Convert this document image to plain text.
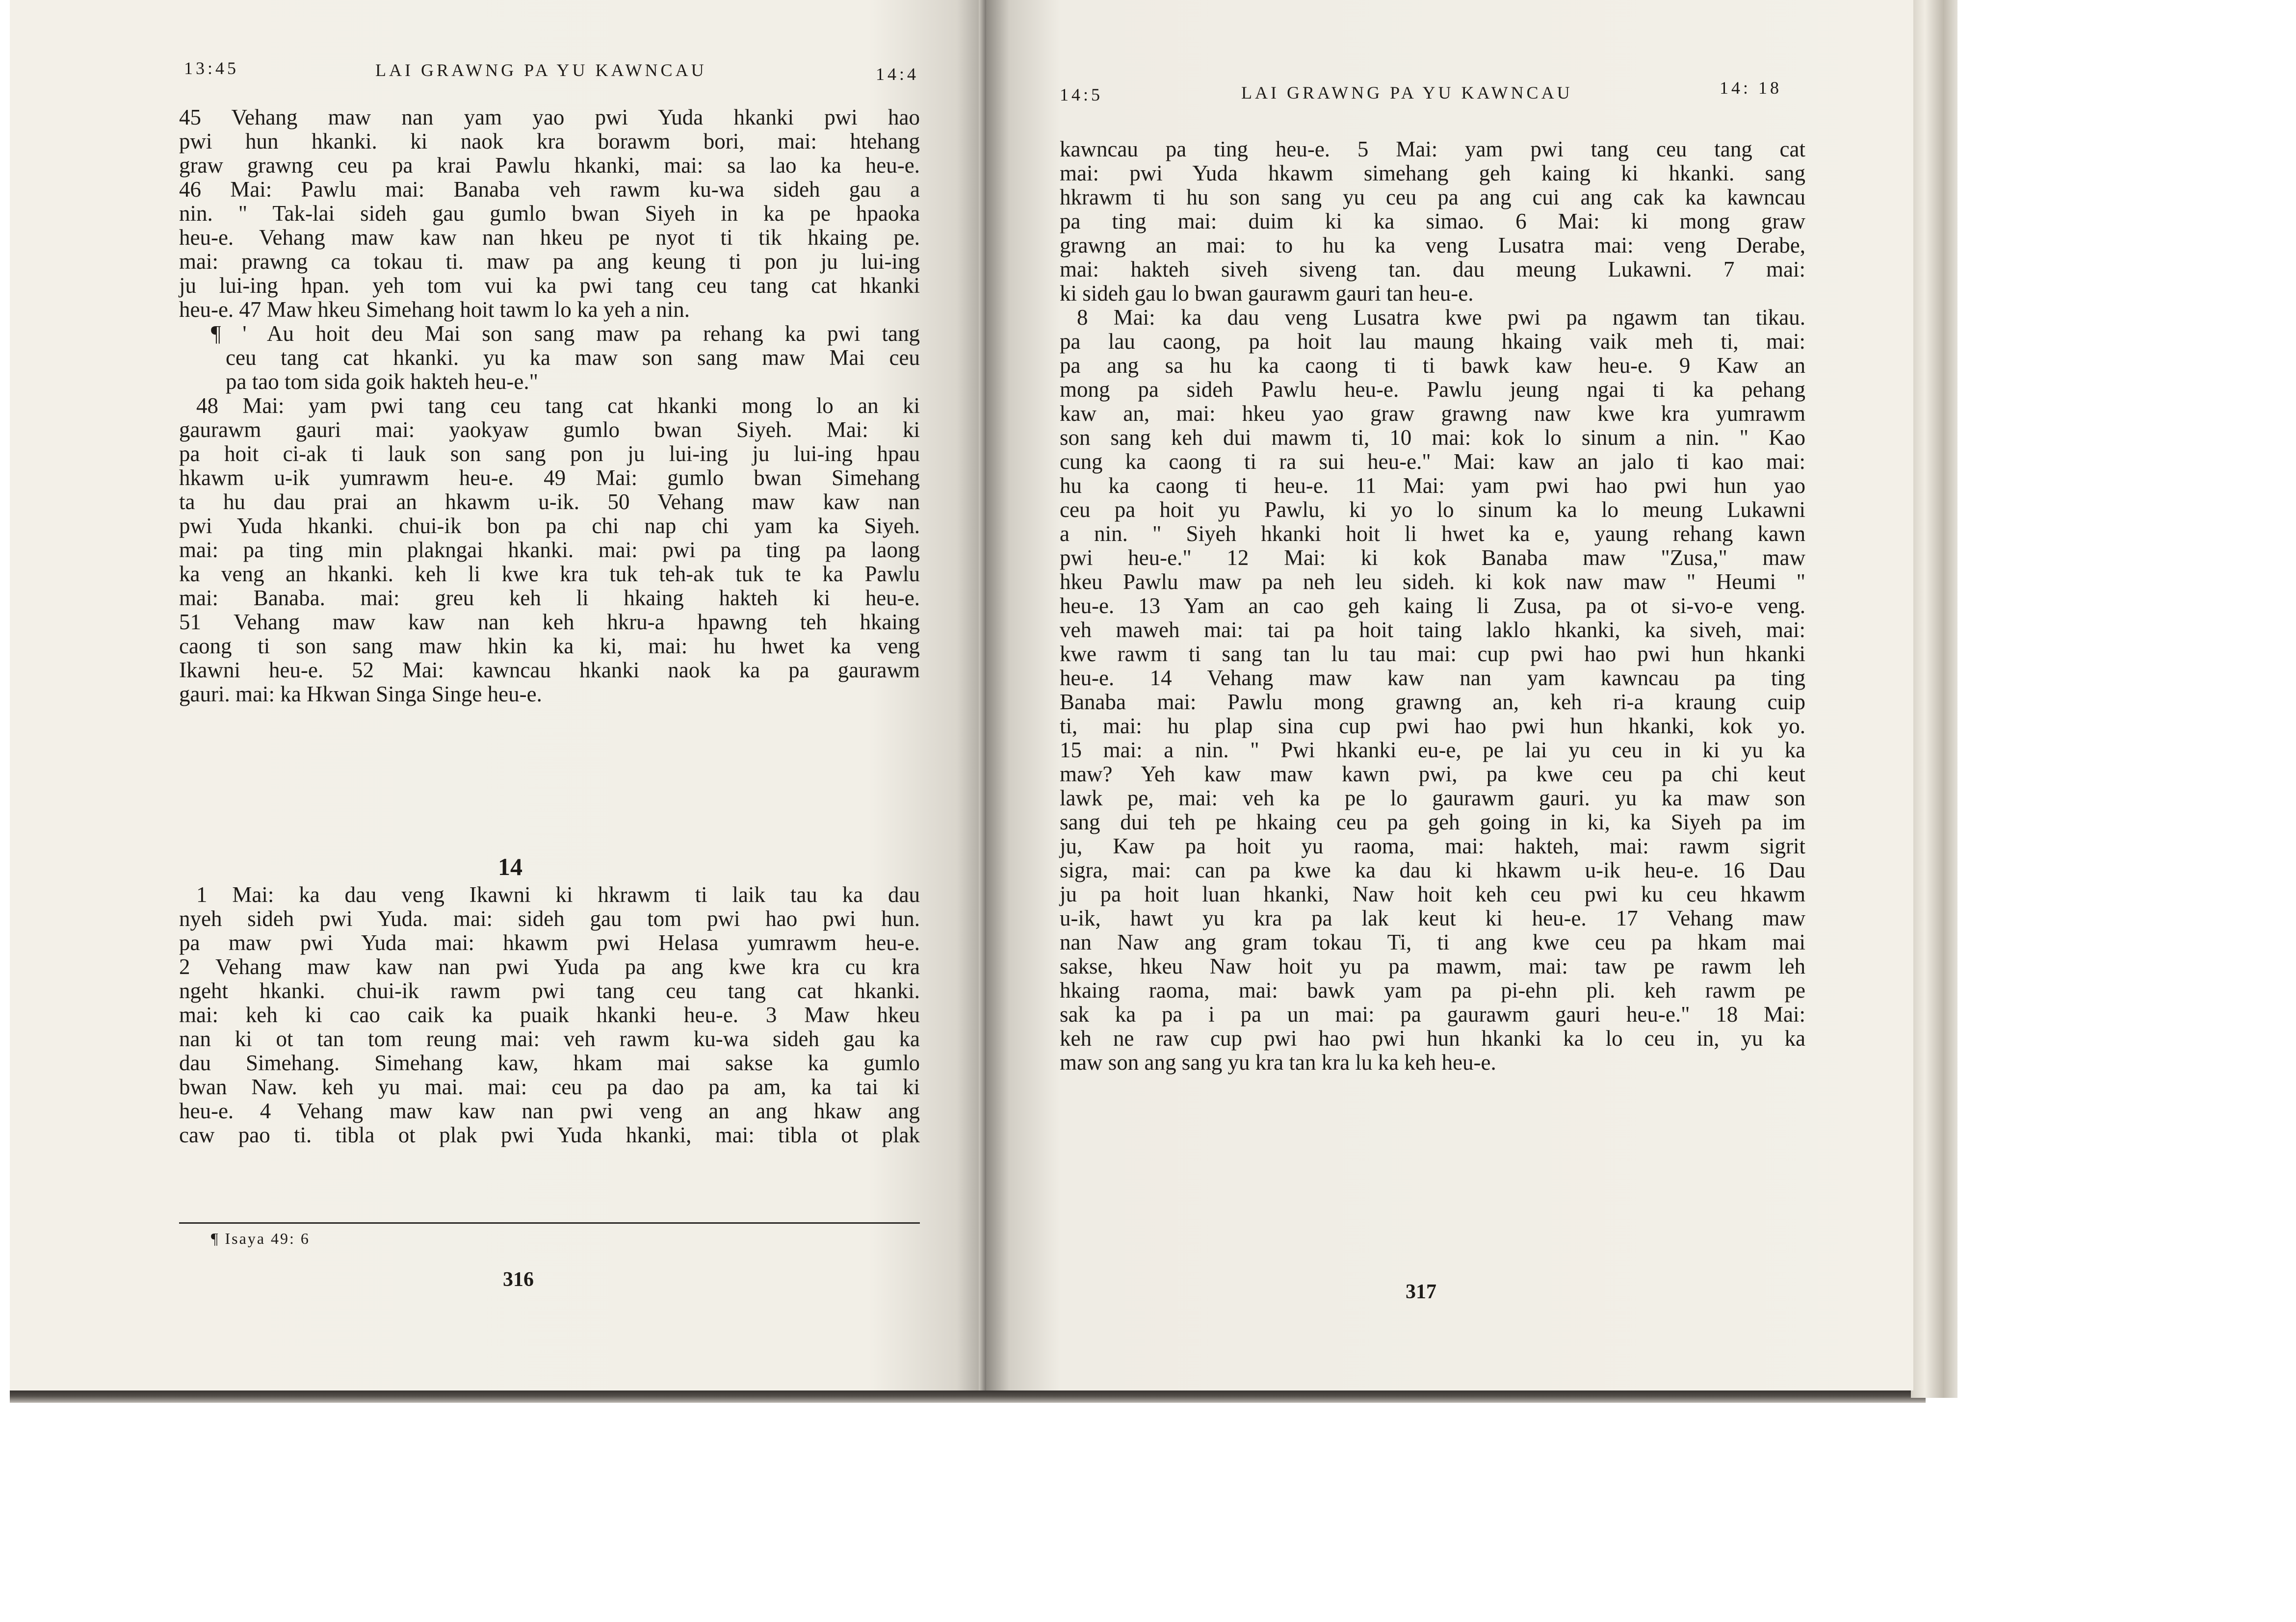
13:45	LAI GRAWNG PA YU KAWNCAU	14:4
45 Vehang maw nan yam yao pwi Yuda hkanki pwi hao
pwi hun hkanki. ki naok kra borawm bori, mai: htehang
graw grawng ceu pa krai Pawlu hkanki, mai: sa lao ka heu-e.
46 Mai: Pawlu mai: Banaba veh rawm ku-wa sideh gau a
nin. " Tak-lai sideh gau gumlo bwan Siyeh in ka pe hpaoka
heu-e. Vehang maw kaw nan hkeu pe nyot ti tik hkaing pe.
mai: prawng ca tokau ti. maw pa ang keung ti pon ju lui-ing
ju lui-ing hpan. yeh tom vui ka pwi tang ceu tang cat hkanki
heu-e. 47 Maw hkeu Simehang hoit tawm lo ka yeh a nin.
¶ ' Au hoit deu Mai son sang maw pa rehang ka pwi tang
ceu tang cat hkanki. yu ka maw son sang maw Mai ceu
pa tao tom sida goik hakteh heu-e."
48 Mai: yam pwi tang ceu tang cat hkanki mong lo an ki
gaurawm gauri mai: yaokyaw gumlo bwan Siyeh. Mai: ki
pa hoit ci-ak ti lauk son sang pon ju lui-ing ju lui-ing hpau
hkawm u-ik yumrawm heu-e. 49 Mai: gumlo bwan Simehang
ta hu dau prai an hkawm u-ik. 50 Vehang maw kaw nan
pwi Yuda hkanki. chui-ik bon pa chi nap chi yam ka Siyeh.
mai: pa ting min plakngai hkanki. mai: pwi pa ting pa laong
ka veng an hkanki. keh li kwe kra tuk teh-ak tuk te ka Pawlu
mai: Banaba. mai: greu keh li hkaing hakteh ki heu-e.
51 Vehang maw kaw nan keh hkru-a hpawng teh hkaing
caong ti son sang maw hkin ka ki, mai: hu hwet ka veng
Ikawni heu-e. 52 Mai: kawncau hkanki naok ka pa gaurawm
gauri. mai: ka Hkwan Singa Singe heu-e.
14
1 Mai: ka dau veng Ikawni ki hkrawm ti laik tau ka dau
nyeh sideh pwi Yuda. mai: sideh gau tom pwi hao pwi hun.
pa maw pwi Yuda mai: hkawm pwi Helasa yumrawm heu-e.
2 Vehang maw kaw nan pwi Yuda pa ang kwe kra cu kra
ngeht hkanki. chui-ik rawm pwi tang ceu tang cat hkanki.
mai: keh ki cao caik ka puaik hkanki heu-e. 3 Maw hkeu
nan ki ot tan tom reung mai: veh rawm ku-wa sideh gau ka
dau Simehang. Simehang kaw, hkam mai sakse ka gumlo
bwan Naw. keh yu mai. mai: ceu pa dao pa am, ka tai ki
heu-e. 4 Vehang maw kaw nan pwi veng an ang hkaw ang
caw pao ti. tibla ot plak pwi Yuda hkanki, mai: tibla ot plak
¶ Isaya 49: 6
316
14:5	LAI GRAWNG PA YU KAWNCAU	14: 18
kawncau pa ting heu-e. 5 Mai: yam pwi tang ceu tang cat
mai: pwi Yuda hkawm simehang geh kaing ki hkanki. sang
hkrawm ti hu son sang yu ceu pa ang cui ang cak ka kawncau
pa ting mai: duim ki ka simao. 6 Mai: ki mong graw
grawng an mai: to hu ka veng Lusatra mai: veng Derabe,
mai: hakteh siveh siveng tan. dau meung Lukawni. 7 mai:
ki sideh gau lo bwan gaurawm gauri tan heu-e.
8 Mai: ka dau veng Lusatra kwe pwi pa ngawm tan tikau.
pa lau caong, pa hoit lau maung hkaing vaik meh ti, mai:
pa ang sa hu ka caong ti ti bawk kaw heu-e. 9 Kaw an
mong pa sideh Pawlu heu-e. Pawlu jeung ngai ti ka pehang
kaw an, mai: hkeu yao graw grawng naw kwe kra yumrawm
son sang keh dui mawm ti, 10 mai: kok lo sinum a nin. " Kao
cung ka caong ti ra sui heu-e." Mai: kaw an jalo ti kao mai:
hu ka caong ti heu-e. 11 Mai: yam pwi hao pwi hun yao
ceu pa hoit yu Pawlu, ki yo lo sinum ka lo meung Lukawni
a nin. " Siyeh hkanki hoit li hwet ka e, yaung rehang kawn
pwi heu-e." 12 Mai: ki kok Banaba maw "Zusa," maw
hkeu Pawlu maw pa neh leu sideh. ki kok naw maw " Heumi "
heu-e. 13 Yam an cao geh kaing li Zusa, pa ot si-vo-e veng.
veh maweh mai: tai pa hoit taing laklo hkanki, ka siveh, mai:
kwe rawm ti sang tan lu tau mai: cup pwi hao pwi hun hkanki
heu-e. 14 Vehang maw kaw nan yam kawncau pa ting
Banaba mai: Pawlu mong grawng an, keh ri-a kraung cuip
ti, mai: hu plap sina cup pwi hao pwi hun hkanki, kok yo.
15 mai: a nin. " Pwi hkanki eu-e, pe lai yu ceu in ki yu ka
maw? Yeh kaw maw kawn pwi, pa kwe ceu pa chi keut
lawk pe, mai: veh ka pe lo gaurawm gauri. yu ka maw son
sang dui teh pe hkaing ceu pa geh going in ki, ka Siyeh pa im
ju, Kaw pa hoit yu raoma, mai: hakteh, mai: rawm sigrit
sigra, mai: can pa kwe ka dau ki hkawm u-ik heu-e. 16 Dau
ju pa hoit luan hkanki, Naw hoit keh ceu pwi ku ceu hkawm
u-ik, hawt yu kra pa lak keut ki heu-e. 17 Vehang maw
nan Naw ang gram tokau Ti, ti ang kwe ceu pa hkam mai
sakse, hkeu Naw hoit yu pa mawm, mai: taw pe rawm leh
hkaing raoma, mai: bawk yam pa pi-ehn pli. keh rawm pe
sak ka pa i pa un mai: pa gaurawm gauri heu-e." 18 Mai:
keh ne raw cup pwi hao pwi hun hkanki ka lo ceu in, yu ka
maw son ang sang yu kra tan kra lu ka keh heu-e.
317
